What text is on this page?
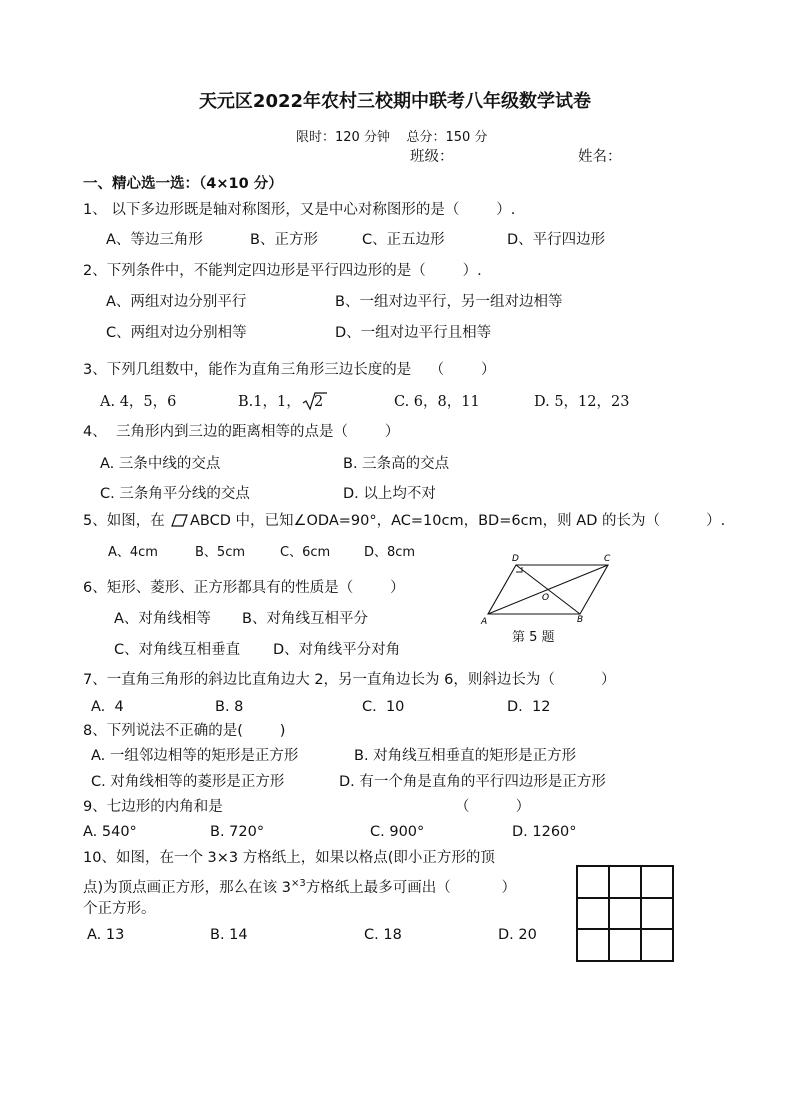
天元区2022年农村三校期中联考八年级数学试卷
限时：120 分钟    总分：150 分
班级：	姓名：
一、精心选一选：（4×10 分）
1、 以下多边形既是轴对称图形，又是中心对称图形的是（        ）.
A、等边三角形	B、正方形	C、正五边形	D、平行四边形
2、下列条件中，不能判定四边形是平行四边形的是（        ）.
A、两组对边分别平行	B、一组对边平行，另一组对边相等
C、两组对边分别相等	D、一组对边平行且相等
3、下列几组数中，能作为直角三角形三边长度的是    （        ）
A. 4，5，6	B.1，1， 2	C. 6，8，11	D. 5，12，23
4、  三角形内到三边的距离相等的点是（        ）
A. 三条中线的交点	B. 三条高的交点
C. 三条角平分线的交点	D. 以上均不对
5、如图，在 ABCD 中，已知∠ODA=90°，AC=10cm，BD=6cm，则 AD 的长为（          ）.
A、4cm	B、5cm	C、6cm	D、8cm
A	B
C
D
O
第 5 题
6、矩形、菱形、正方形都具有的性质是（        ）
A、对角线相等 B、对角线互相平分
C、对角线互相垂直 D、对角线平分对角
7、一直角三角形的斜边比直角边大 2，另一直角边长为 6，则斜边长为（          ）
A.  4	B. 8	C.  10	D.  12
8、下列说法不正确的是(        )
A. 一组邻边相等的矩形是正方形	B. 对角线互相垂直的矩形是正方形
C. 对角线相等的菱形是正方形	D. 有一个角是直角的平行四边形是正方形
9、七边形的内角和是	（          ）
A. 540°	B. 720°	C. 900°	D. 1260°
10、如图，在一个 3×3 方格纸上，如果以格点(即小正方形的顶
点)为顶点画正方形，那么在该 $3^{\times 3}$方格纸上最多可画出（           ）
个正方形。
A. 13	B. 14	C. 18	D. 20
